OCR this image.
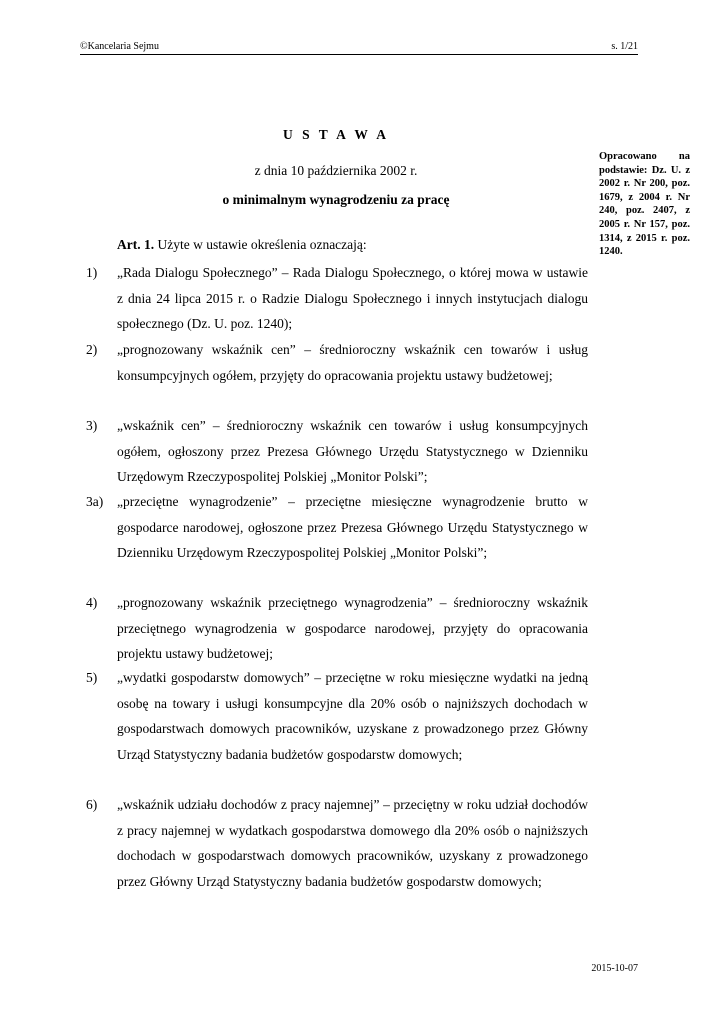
©Kancelaria Sejmu	s. 1/21
U S T A W A
z dnia 10 października 2002 r.
o minimalnym wynagrodzeniu za pracę
Opracowano na podstawie: Dz. U. z 2002 r. Nr 200, poz. 1679, z 2004 r. Nr 240, poz. 2407, z 2005 r. Nr 157, poz. 1314, z 2015 r. poz. 1240.
Art. 1. Użyte w ustawie określenia oznaczają:
1)	„Rada Dialogu Społecznego” – Rada Dialogu Społecznego, o której mowa w ustawie z dnia 24 lipca 2015 r. o Radzie Dialogu Społecznego i innych instytucjach dialogu społecznego (Dz. U. poz. 1240);
2)	„prognozowany wskaźnik cen” – średnioroczny wskaźnik cen towarów i usług konsumpcyjnych ogółem, przyjęty do opracowania projektu ustawy budżetowej;
3)	„wskaźnik cen” – średnioroczny wskaźnik cen towarów i usług konsumpcyjnych ogółem, ogłoszony przez Prezesa Głównego Urzędu Statystycznego w Dzienniku Urzędowym Rzeczypospolitej Polskiej „Monitor Polski”;
3a)	„przeciętne wynagrodzenie” – przeciętne miesięczne wynagrodzenie brutto w gospodarce narodowej, ogłoszone przez Prezesa Głównego Urzędu Statystycznego w Dzienniku Urzędowym Rzeczypospolitej Polskiej „Monitor Polski”;
4)	„prognozowany wskaźnik przeciętnego wynagrodzenia” – średnioroczny wskaźnik przeciętnego wynagrodzenia w gospodarce narodowej, przyjęty do opracowania projektu ustawy budżetowej;
5)	„wydatki gospodarstw domowych” – przeciętne w roku miesięczne wydatki na jedną osobę na towary i usługi konsumpcyjne dla 20% osób o najniższych dochodach w gospodarstwach domowych pracowników, uzyskane z prowadzonego przez Główny Urząd Statystyczny badania budżetów gospodarstw domowych;
6)	„wskaźnik udziału dochodów z pracy najemnej” – przeciętny w roku udział dochodów z pracy najemnej w wydatkach gospodarstwa domowego dla 20% osób o najniższych dochodach w gospodarstwach domowych pracowników, uzyskany z prowadzonego przez Główny Urząd Statystyczny badania budżetów gospodarstw domowych;
2015-10-07
